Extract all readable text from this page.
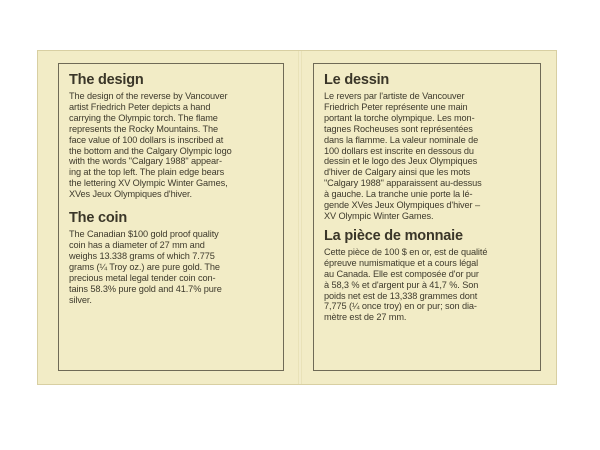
The design
The design of the reverse by Vancouver
artist Friedrich Peter depicts a hand
carrying the Olympic torch. The flame
represents the Rocky Mountains. The
face value of 100 dollars is inscribed at
the bottom and the Calgary Olympic logo
with the words "Calgary 1988" appear-
ing at the top left. The plain edge bears
the lettering XV Olympic Winter Games,
XVes Jeux Olympiques d'hiver.
The coin
The Canadian $100 gold proof quality
coin has a diameter of 27 mm and
weighs 13.338 grams of which 7.775
grams (¼ Troy oz.) are pure gold. The
precious metal legal tender coin con-
tains 58.3% pure gold and 41.7% pure
silver.
Le dessin
Le revers par l'artiste de Vancouver
Friedrich Peter représente une main
portant la torche olympique. Les mon-
tagnes Rocheuses sont représentées
dans la flamme. La valeur nominale de
100 dollars est inscrite en dessous du
dessin et le logo des Jeux Olympiques
d'hiver de Calgary ainsi que les mots
"Calgary 1988" apparaissent au-dessus
à gauche. La tranche unie porte la lé-
gende XVes Jeux Olympiques d'hiver –
XV Olympic Winter Games.
La pièce de monnaie
Cette pièce de 100 $ en or, est de qualité
épreuve numismatique et a cours légal
au Canada. Elle est composée d'or pur
à 58,3 % et d'argent pur à 41,7 %. Son
poids net est de 13,338 grammes dont
7,775 (¼ once troy) en or pur; son dia-
mètre est de 27 mm.
